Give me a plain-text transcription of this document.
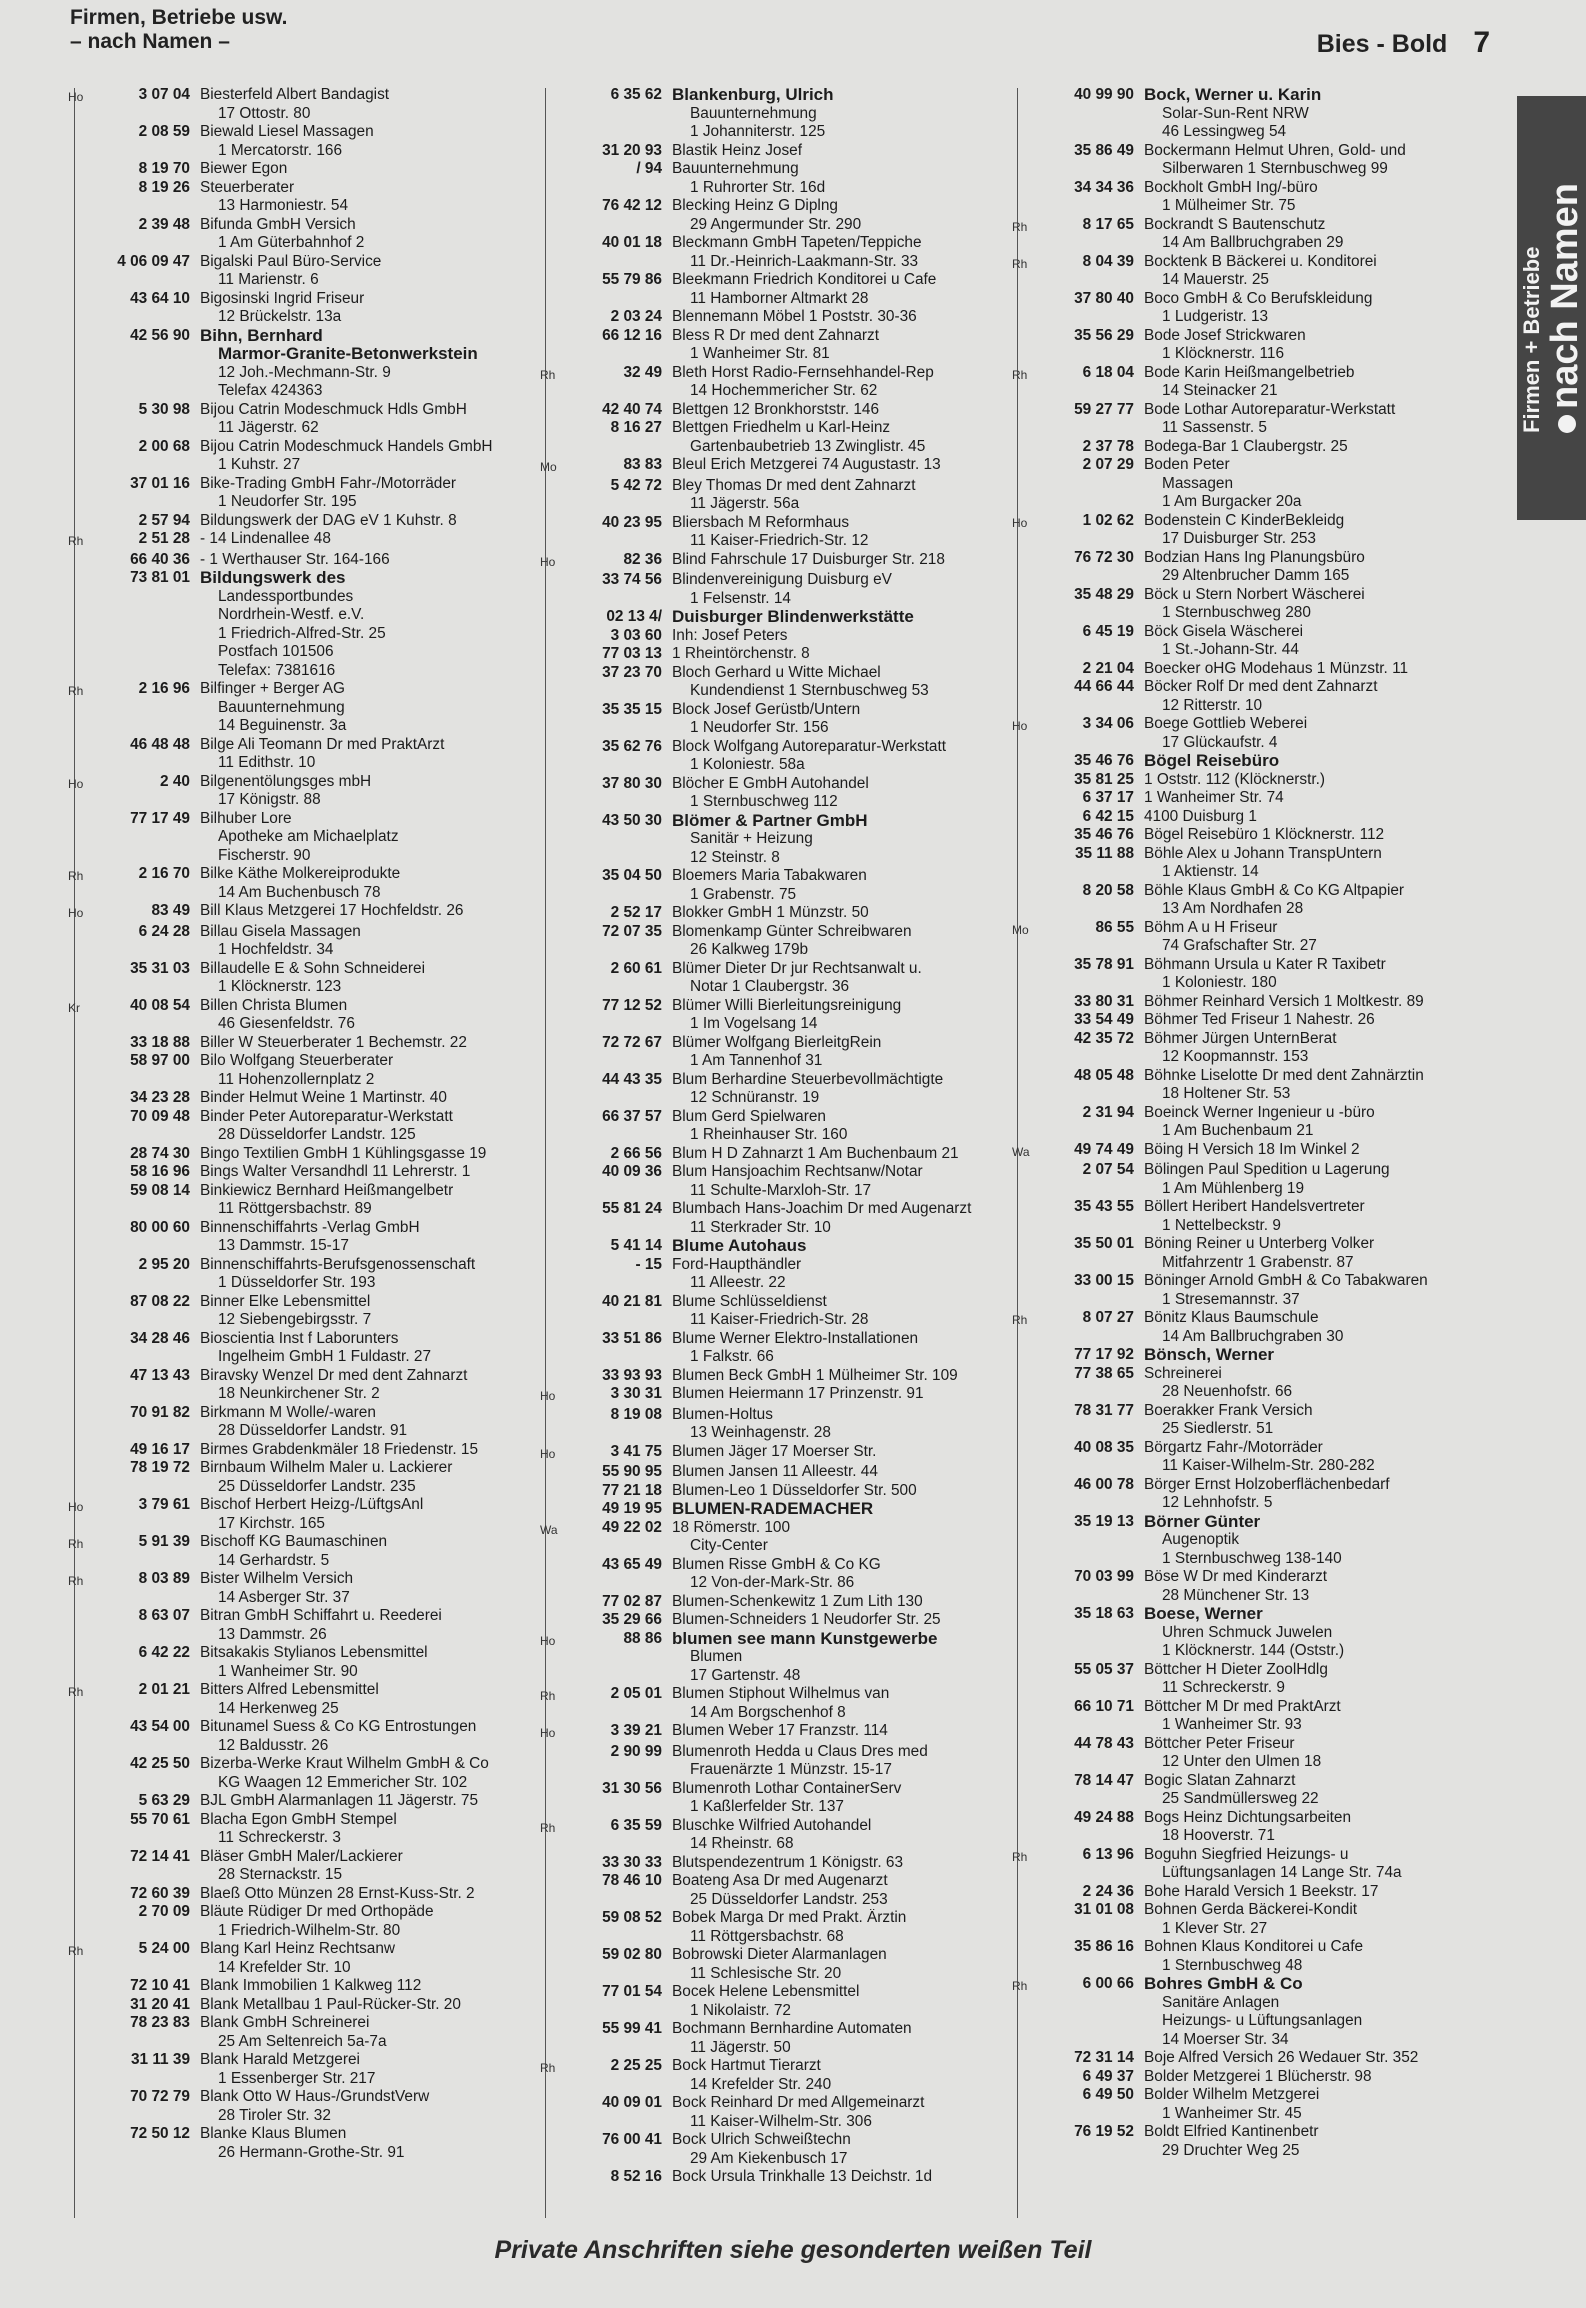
Firmen, Betriebe usw.
– nach Namen –	Bies - Bold 7
Firmen + Betriebe nach Namen
Ho	3 07 04 Biesterfeld Albert Bandagist
17 Ottostr. 80
2 08 59 Biewald Liesel Massagen
1 Mercatorstr. 166
8 19 70 Biewer Egon
8 19 26 Steuerberater
13 Harmoniestr. 54
2 39 48 Bifunda GmbH Versich
1 Am Güterbahnhof 2
4 06 09 47 Bigalski Paul Büro-Service
11 Marienstr. 6
43 64 10 Bigosinski Ingrid Friseur
12 Brückelstr. 13a
42 56 90 Bihn, Bernhard
Marmor-Granite-Betonwerkstein
12 Joh.-Mechmann-Str. 9
Telefax 424363
5 30 98 Bijou Catrin Modeschmuck Hdls GmbH
11 Jägerstr. 62
2 00 68 Bijou Catrin Modeschmuck Handels GmbH
1 Kuhstr. 27
37 01 16 Bike-Trading GmbH Fahr-/Motorräder
1 Neudorfer Str. 195
2 57 94 Bildungswerk der DAG eV 1 Kuhstr. 8
Rh	2 51 28 - 14 Lindenallee 48
66 40 36 - 1 Werthauser Str. 164-166
73 81 01 Bildungswerk des
Landessportbundes
Nordrhein-Westf. e.V.
1 Friedrich-Alfred-Str. 25
Postfach 101506
Telefax: 7381616
Rh	2 16 96 Bilfinger + Berger AG
Bauunternehmung
14 Beguinenstr. 3a
46 48 48 Bilge Ali Teomann Dr med PraktArzt
11 Edithstr. 10
Ho	2 40 Bilgenentölungsges mbH
17 Königstr. 88
77 17 49 Bilhuber Lore
Apotheke am Michaelplatz
Fischerstr. 90
Rh	2 16 70 Bilke Käthe Molkereiprodukte
14 Am Buchenbusch 78
Ho	83 49 Bill Klaus Metzgerei 17 Hochfeldstr. 26
6 24 28 Billau Gisela Massagen
1 Hochfeldstr. 34
35 31 03 Billaudelle E & Sohn Schneiderei
1 Klöcknerstr. 123
Kr	40 08 54 Billen Christa Blumen
46 Giesenfeldstr. 76
33 18 88 Biller W Steuerberater 1 Bechemstr. 22
58 97 00 Bilo Wolfgang Steuerberater
11 Hohenzollernplatz 2
34 23 28 Binder Helmut Weine 1 Martinstr. 40
70 09 48 Binder Peter Autoreparatur-Werkstatt
28 Düsseldorfer Landstr. 125
28 74 30 Bingo Textilien GmbH 1 Kühlingsgasse 19
58 16 96 Bings Walter Versandhdl 11 Lehrerstr. 1
59 08 14 Binkiewicz Bernhard Heißmangelbetr
11 Röttgersbachstr. 89
80 00 60 Binnenschiffahrts -Verlag GmbH
13 Dammstr. 15-17
2 95 20 Binnenschiffahrts-Berufsgenossenschaft
1 Düsseldorfer Str. 193
87 08 22 Binner Elke Lebensmittel
12 Siebengebirgsstr. 7
34 28 46 Bioscientia Inst f Laborunters
Ingelheim GmbH 1 Fuldastr. 27
47 13 43 Biravsky Wenzel Dr med dent Zahnarzt
18 Neunkirchener Str. 2
70 91 82 Birkmann M Wolle/-waren
28 Düsseldorfer Landstr. 91
49 16 17 Birmes Grabdenkmäler 18 Friedenstr. 15
78 19 72 Birnbaum Wilhelm Maler u. Lackierer
25 Düsseldorfer Landstr. 235
Ho	3 79 61 Bischof Herbert Heizg-/LüftgsAnl
17 Kirchstr. 165
Rh	5 91 39 Bischoff KG Baumaschinen
14 Gerhardstr. 5
Rh	8 03 89 Bister Wilhelm Versich
14 Asberger Str. 37
8 63 07 Bitran GmbH Schiffahrt u. Reederei
13 Dammstr. 26
6 42 22 Bitsakakis Stylianos Lebensmittel
1 Wanheimer Str. 90
Rh	2 01 21 Bitters Alfred Lebensmittel
14 Herkenweg 25
43 54 00 Bitunamel Suess & Co KG Entrostungen
12 Baldusstr. 26
42 25 50 Bizerba-Werke Kraut Wilhelm GmbH & Co
KG Waagen 12 Emmericher Str. 102
5 63 29 BJL GmbH Alarmanlagen 11 Jägerstr. 75
55 70 61 Blacha Egon GmbH Stempel
11 Schreckerstr. 3
72 14 41 Bläser GmbH Maler/Lackierer
28 Sternackstr. 15
72 60 39 Blaeß Otto Münzen 28 Ernst-Kuss-Str. 2
2 70 09 Bläute Rüdiger Dr med Orthopäde
1 Friedrich-Wilhelm-Str. 80
Rh	5 24 00 Blang Karl Heinz Rechtsanw
14 Krefelder Str. 10
72 10 41 Blank Immobilien 1 Kalkweg 112
31 20 41 Blank Metallbau 1 Paul-Rücker-Str. 20
78 23 83 Blank GmbH Schreinerei
25 Am Seltenreich 5a-7a
31 11 39 Blank Harald Metzgerei
1 Essenberger Str. 217
70 72 79 Blank Otto W Haus-/GrundstVerw
28 Tiroler Str. 32
72 50 12 Blanke Klaus Blumen
26 Hermann-Grothe-Str. 91
6 35 62 Blankenburg, Ulrich
Bauunternehmung
1 Johanniterstr. 125
31 20 93 Blastik Heinz Josef
/ 94 Bauunternehmung
1 Ruhrorter Str. 16d
76 42 12 Blecking Heinz G Diplng
29 Angermunder Str. 290
40 01 18 Bleckmann GmbH Tapeten/Teppiche
11 Dr.-Heinrich-Laakmann-Str. 33
55 79 86 Bleekmann Friedrich Konditorei u Cafe
11 Hamborner Altmarkt 28
2 03 24 Blennemann Möbel 1 Poststr. 30-36
66 12 16 Bless R Dr med dent Zahnarzt
1 Wanheimer Str. 81
Rh	32 49 Bleth Horst Radio-Fernsehhandel-Rep
14 Hochemmericher Str. 62
42 40 74 Blettgen 12 Bronkhorststr. 146
8 16 27 Blettgen Friedhelm u Karl-Heinz
Gartenbaubetrieb 13 Zwinglistr. 45
Mo	83 83 Bleul Erich Metzgerei 74 Augustastr. 13
5 42 72 Bley Thomas Dr med dent Zahnarzt
11 Jägerstr. 56a
40 23 95 Bliersbach M Reformhaus
11 Kaiser-Friedrich-Str. 12
Ho	82 36 Blind Fahrschule 17 Duisburger Str. 218
33 74 56 Blindenvereinigung Duisburg eV
1 Felsenstr. 14
02 13 4/ Duisburger Blindenwerkstätte
3 03 60 Inh: Josef Peters
77 03 13 1 Rheintörchenstr. 8
37 23 70 Bloch Gerhard u Witte Michael
Kundendienst 1 Sternbuschweg 53
35 35 15 Block Josef Gerüstb/Untern
1 Neudorfer Str. 156
35 62 76 Block Wolfgang Autoreparatur-Werkstatt
1 Koloniestr. 58a
37 80 30 Blöcher E GmbH Autohandel
1 Sternbuschweg 112
43 50 30 Blömer & Partner GmbH
Sanitär + Heizung
12 Steinstr. 8
35 04 50 Bloemers Maria Tabakwaren
1 Grabenstr. 75
2 52 17 Blokker GmbH 1 Münzstr. 50
72 07 35 Blomenkamp Günter Schreibwaren
26 Kalkweg 179b
2 60 61 Blümer Dieter Dr jur Rechtsanwalt u.
Notar 1 Claubergstr. 36
77 12 52 Blümer Willi Bierleitungsreinigung
1 Im Vogelsang 14
72 72 67 Blümer Wolfgang BierleitgRein
1 Am Tannenhof 31
44 43 35 Blum Berhardine Steuerbevollmächtigte
12 Schnüranstr. 19
66 37 57 Blum Gerd Spielwaren
1 Rheinhauser Str. 160
2 66 56 Blum H D Zahnarzt 1 Am Buchenbaum 21
40 09 36 Blum Hansjoachim Rechtsanw/Notar
11 Schulte-Marxloh-Str. 17
55 81 24 Blumbach Hans-Joachim Dr med Augenarzt
11 Sterkrader Str. 10
5 41 14 Blume Autohaus
- 15 Ford-Haupthändler
11 Alleestr. 22
40 21 81 Blume Schlüsseldienst
11 Kaiser-Friedrich-Str. 28
33 51 86 Blume Werner Elektro-Installationen
1 Falkstr. 66
33 93 93 Blumen Beck GmbH 1 Mülheimer Str. 109
Ho	3 30 31 Blumen Heiermann 17 Prinzenstr. 91
8 19 08 Blumen-Holtus
13 Weinhagenstr. 28
Ho	3 41 75 Blumen Jäger 17 Moerser Str.
55 90 95 Blumen Jansen 11 Alleestr. 44
77 21 18 Blumen-Leo 1 Düsseldorfer Str. 500
49 19 95 BLUMEN-RADEMACHER
Wa	49 22 02 18 Römerstr. 100
City-Center
43 65 49 Blumen Risse GmbH & Co KG
12 Von-der-Mark-Str. 86
77 02 87 Blumen-Schenkewitz 1 Zum Lith 130
35 29 66 Blumen-Schneiders 1 Neudorfer Str. 25
Ho	88 86 blumen see mann Kunstgewerbe
Blumen
17 Gartenstr. 48
Rh	2 05 01 Blumen Stiphout Wilhelmus van
14 Am Borgschenhof 8
Ho	3 39 21 Blumen Weber 17 Franzstr. 114
2 90 99 Blumenroth Hedda u Claus Dres med
Frauenärzte 1 Münzstr. 15-17
31 30 56 Blumenroth Lothar ContainerServ
1 Kaßlerfelder Str. 137
Rh	6 35 59 Bluschke Wilfried Autohandel
14 Rheinstr. 68
33 30 33 Blutspendezentrum 1 Königstr. 63
78 46 10 Boateng Asa Dr med Augenarzt
25 Düsseldorfer Landstr. 253
59 08 52 Bobek Marga Dr med Prakt. Ärztin
11 Röttgersbachstr. 68
59 02 80 Bobrowski Dieter Alarmanlagen
11 Schlesische Str. 20
77 01 54 Bocek Helene Lebensmittel
1 Nikolaistr. 72
55 99 41 Bochmann Bernhardine Automaten
11 Jägerstr. 50
Rh	2 25 25 Bock Hartmut Tierarzt
14 Krefelder Str. 240
40 09 01 Bock Reinhard Dr med Allgemeinarzt
11 Kaiser-Wilhelm-Str. 306
76 00 41 Bock Ulrich Schweißtechn
29 Am Kiekenbusch 17
8 52 16 Bock Ursula Trinkhalle 13 Deichstr. 1d
40 99 90 Bock, Werner u. Karin
Solar-Sun-Rent NRW
46 Lessingweg 54
35 86 49 Bockermann Helmut Uhren, Gold- und
Silberwaren 1 Sternbuschweg 99
34 34 36 Bockholt GmbH Ing/-büro
1 Mülheimer Str. 75
Rh	8 17 65 Bockrandt S Bautenschutz
14 Am Ballbruchgraben 29
Rh	8 04 39 Bocktenk B Bäckerei u. Konditorei
14 Mauerstr. 25
37 80 40 Boco GmbH & Co Berufskleidung
1 Ludgeristr. 13
35 56 29 Bode Josef Strickwaren
1 Klöcknerstr. 116
Rh	6 18 04 Bode Karin Heißmangelbetrieb
14 Steinacker 21
59 27 77 Bode Lothar Autoreparatur-Werkstatt
11 Sassenstr. 5
2 37 78 Bodega-Bar 1 Claubergstr. 25
2 07 29 Boden Peter
Massagen
1 Am Burgacker 20a
Ho	1 02 62 Bodenstein C KinderBekleidg
17 Duisburger Str. 253
76 72 30 Bodzian Hans Ing Planungsbüro
29 Altenbrucher Damm 165
35 48 29 Böck u Stern Norbert Wäscherei
1 Sternbuschweg 280
6 45 19 Böck Gisela Wäscherei
1 St.-Johann-Str. 44
2 21 04 Boecker oHG Modehaus 1 Münzstr. 11
44 66 44 Böcker Rolf Dr med dent Zahnarzt
12 Ritterstr. 10
Ho	3 34 06 Boege Gottlieb Weberei
17 Glückaufstr. 4
35 46 76 Bögel Reisebüro
35 81 25 1 Oststr. 112 (Klöcknerstr.)
6 37 17 1 Wanheimer Str. 74
6 42 15 4100 Duisburg 1
35 46 76 Bögel Reisebüro 1 Klöcknerstr. 112
35 11 88 Böhle Alex u Johann TranspUntern
1 Aktienstr. 14
8 20 58 Böhle Klaus GmbH & Co KG Altpapier
13 Am Nordhafen 28
Mo	86 55 Böhm A u H Friseur
74 Grafschafter Str. 27
35 78 91 Böhmann Ursula u Kater R Taxibetr
1 Koloniestr. 180
33 80 31 Böhmer Reinhard Versich 1 Moltkestr. 89
33 54 49 Böhmer Ted Friseur 1 Nahestr. 26
42 35 72 Böhmer Jürgen UnternBerat
12 Koopmannstr. 153
48 05 48 Böhnke Liselotte Dr med dent Zahnärztin
18 Holtener Str. 53
2 31 94 Boeinck Werner Ingenieur u -büro
1 Am Buchenbaum 21
Wa	49 74 49 Böing H Versich 18 Im Winkel 2
2 07 54 Bölingen Paul Spedition u Lagerung
1 Am Mühlenberg 19
35 43 55 Böllert Heribert Handelsvertreter
1 Nettelbeckstr. 9
35 50 01 Böning Reiner u Unterberg Volker
Mitfahrzentr 1 Grabenstr. 87
33 00 15 Böninger Arnold GmbH & Co Tabakwaren
1 Stresemannstr. 37
Rh	8 07 27 Bönitz Klaus Baumschule
14 Am Ballbruchgraben 30
77 17 92 Bönsch, Werner
77 38 65 Schreinerei
28 Neuenhofstr. 66
78 31 77 Boerakker Frank Versich
25 Siedlerstr. 51
40 08 35 Börgartz Fahr-/Motorräder
11 Kaiser-Wilhelm-Str. 280-282
46 00 78 Börger Ernst Holzoberflächenbedarf
12 Lehnhofstr. 5
35 19 13 Börner Günter
Augenoptik
1 Sternbuschweg 138-140
70 03 99 Böse W Dr med Kinderarzt
28 Münchener Str. 13
35 18 63 Boese, Werner
Uhren Schmuck Juwelen
1 Klöcknerstr. 144 (Oststr.)
55 05 37 Böttcher H Dieter ZoolHdlg
11 Schreckerstr. 9
66 10 71 Böttcher M Dr med PraktArzt
1 Wanheimer Str. 93
44 78 43 Böttcher Peter Friseur
12 Unter den Ulmen 18
78 14 47 Bogic Slatan Zahnarzt
25 Sandmüllersweg 22
49 24 88 Bogs Heinz Dichtungsarbeiten
18 Hooverstr. 71
Rh	6 13 96 Boguhn Siegfried Heizungs- u
Lüftungsanlagen 14 Lange Str. 74a
2 24 36 Bohe Harald Versich 1 Beekstr. 17
31 01 08 Bohnen Gerda Bäckerei-Kondit
1 Klever Str. 27
35 86 16 Bohnen Klaus Konditorei u Cafe
1 Sternbuschweg 48
Rh	6 00 66 Bohres GmbH & Co
Sanitäre Anlagen
Heizungs- u Lüftungsanlagen
14 Moerser Str. 34
72 31 14 Boje Alfred Versich 26 Wedauer Str. 352
6 49 37 Bolder Metzgerei 1 Blücherstr. 98
6 49 50 Bolder Wilhelm Metzgerei
1 Wanheimer Str. 45
76 19 52 Boldt Elfried Kantinenbetr
29 Druchter Weg 25
Private Anschriften siehe gesonderten weißen Teil
